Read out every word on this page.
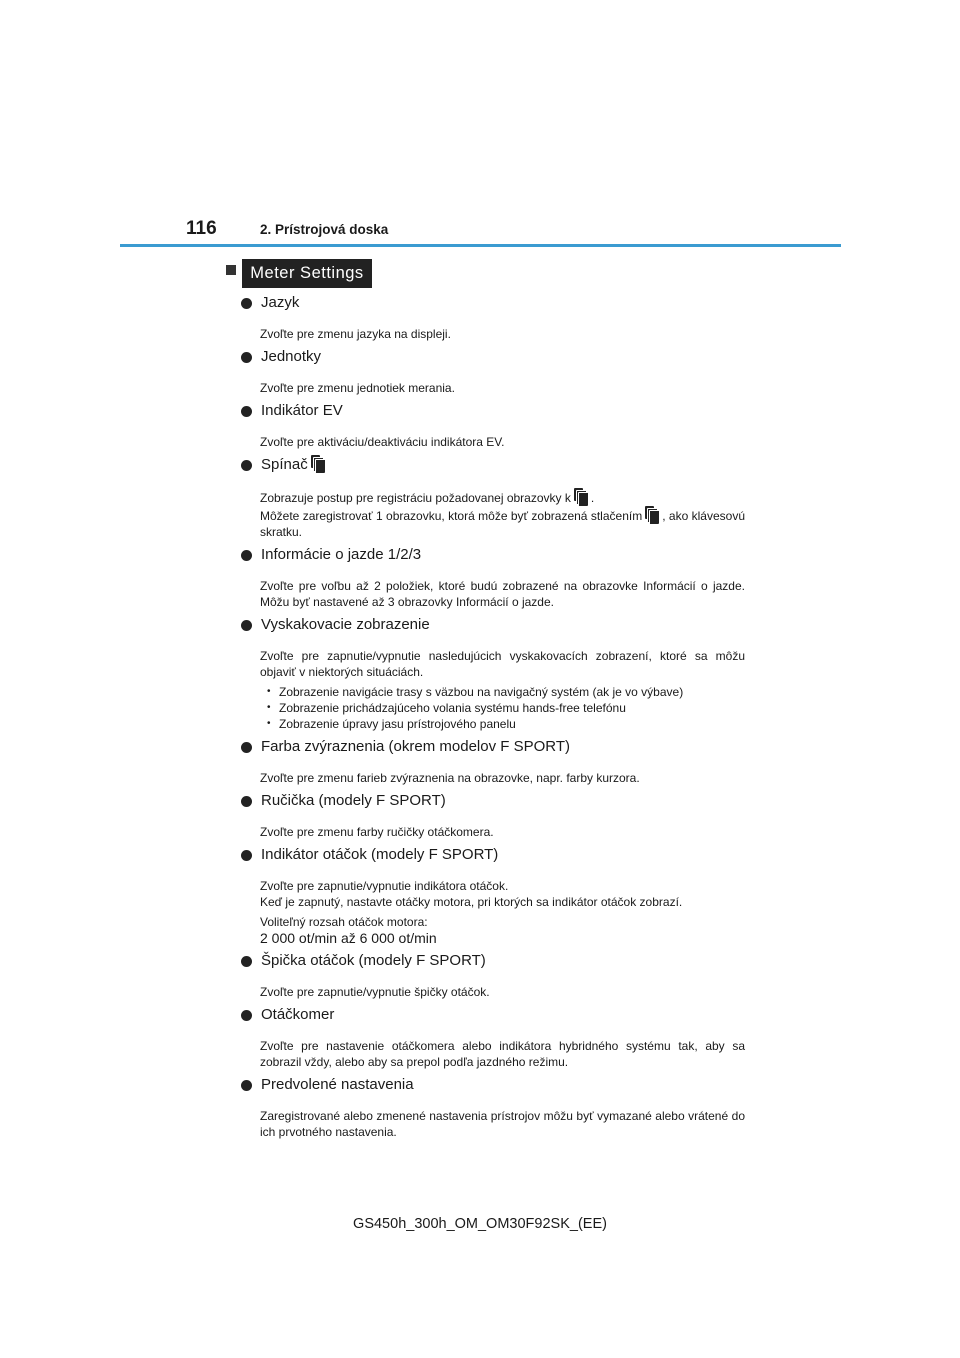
116	2. Prístrojová doska
Meter Settings
Jazyk

Zvoľte pre zmenu jazyka na displeji.

Jednotky

Zvoľte pre zmenu jednotiek merania.

Indikátor EV

Zvoľte pre aktiváciu/deaktiváciu indikátora EV.

Spínač

Zobrazuje postup pre registráciu požadovanej obrazovky k .
Môžete zaregistrovať 1 obrazovku, ktorá môže byť zobrazená stlačením , ako klávesovú skratku.

Informácie o jazde 1/2/3

Zvoľte pre voľbu až 2 položiek, ktoré budú zobrazené na obrazovke Informácií o jazde. Môžu byť nastavené až 3 obrazovky Informácií o jazde.

Vyskakovacie zobrazenie

Zvoľte pre zapnutie/vypnutie nasledujúcich vyskakovacích zobrazení, ktoré sa môžu objaviť v niektorých situáciách.

• Zobrazenie navigácie trasy s väzbou na navigačný systém (ak je vo výbave)
• Zobrazenie prichádzajúceho volania systému hands-free telefónu
• Zobrazenie úpravy jasu prístrojového panelu
Farba zvýraznenia (okrem modelov F SPORT)

Zvoľte pre zmenu farieb zvýraznenia na obrazovke, napr. farby kurzora.

Ručička (modely F SPORT)

Zvoľte pre zmenu farby ručičky otáčkomera.

Indikátor otáčok (modely F SPORT)

Zvoľte pre zapnutie/vypnutie indikátora otáčok.

Keď je zapnutý, nastavte otáčky motora, pri ktorých sa indikátor otáčok zobrazí.

Voliteľný rozsah otáčok motora:

2 000 ot/min až 6 000 ot/min

Špička otáčok (modely F SPORT)

Zvoľte pre zapnutie/vypnutie špičky otáčok.

Otáčkomer

Zvoľte pre nastavenie otáčkomera alebo indikátora hybridného systému tak, aby sa zobrazil vždy, alebo aby sa prepol podľa jazdného režimu.

Predvolené nastavenia

Zaregistrované alebo zmenené nastavenia prístrojov môžu byť vymazané alebo vrátené do ich prvotného nastavenia.

GS450h_300h_OM_OM30F92SK_(EE)
